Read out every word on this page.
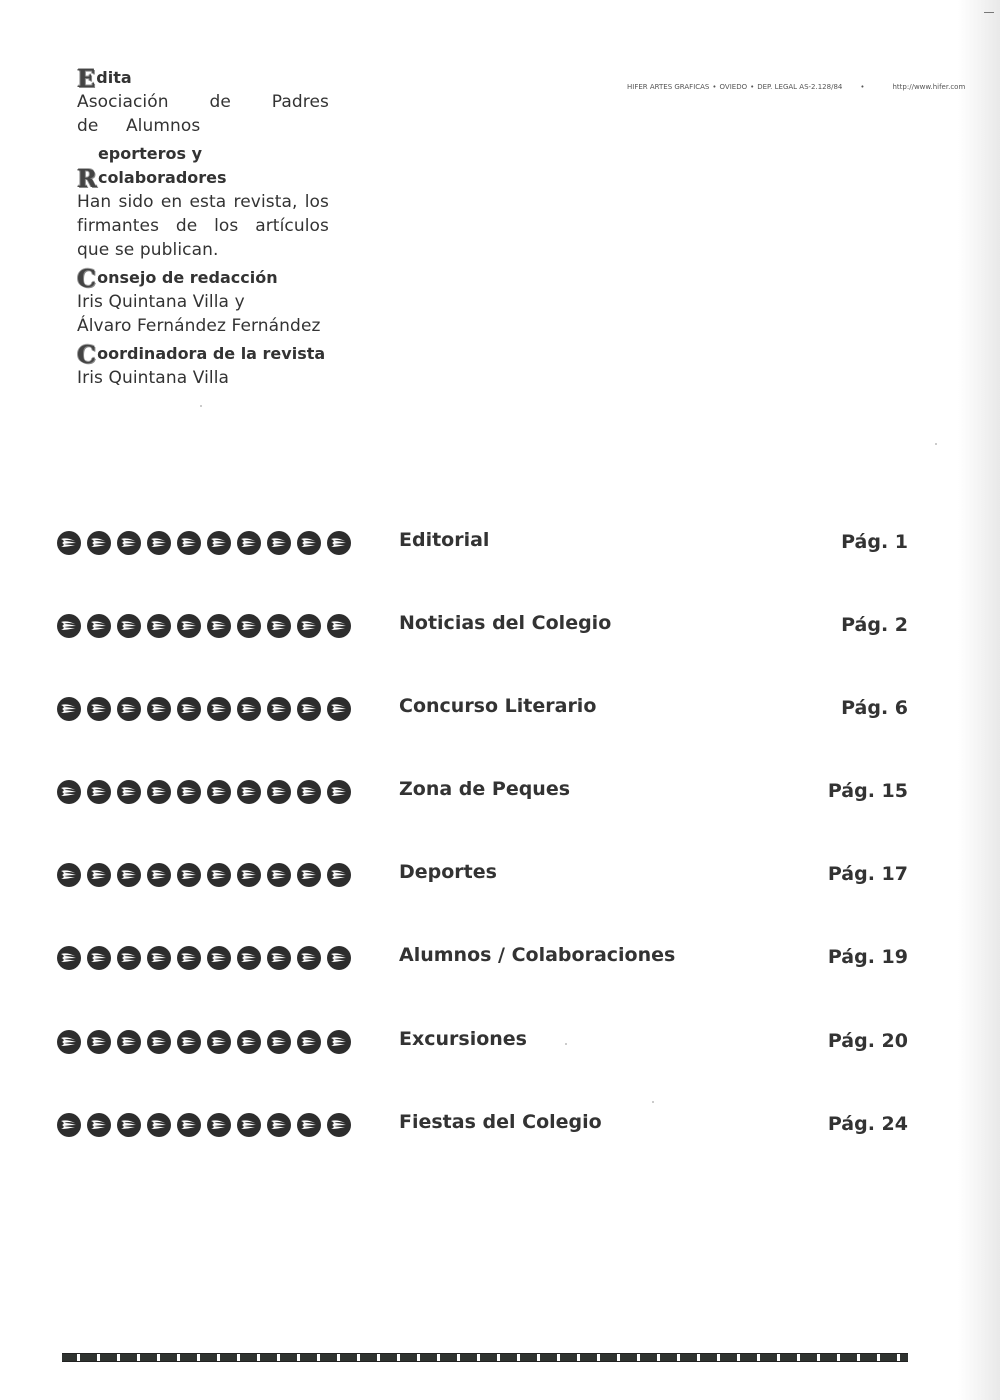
HIFER ARTES GRAFICAS • OVIEDO • DEP. LEGAL AS-2.128/84	•	http://www.hifer.com

E dita

Asociación de Padres de Alumnos

R
eporteros y colaboradores

Han sido en esta revista, los firmantes de los artículos que se publican.

C onsejo de redacción

Iris Quintana Villa y

Álvaro Fernández Fernández

C oordinadora de la revista

Iris Quintana Villa

Editorial	Pág. 1
Noticias del Colegio	Pág. 2
Concurso Literario	Pág. 6
Zona de Peques	Pág. 15
Deportes	Pág. 17
Alumnos / Colaboraciones	Pág. 19
Excursiones	Pág. 20
Fiestas del Colegio	Pág. 24
